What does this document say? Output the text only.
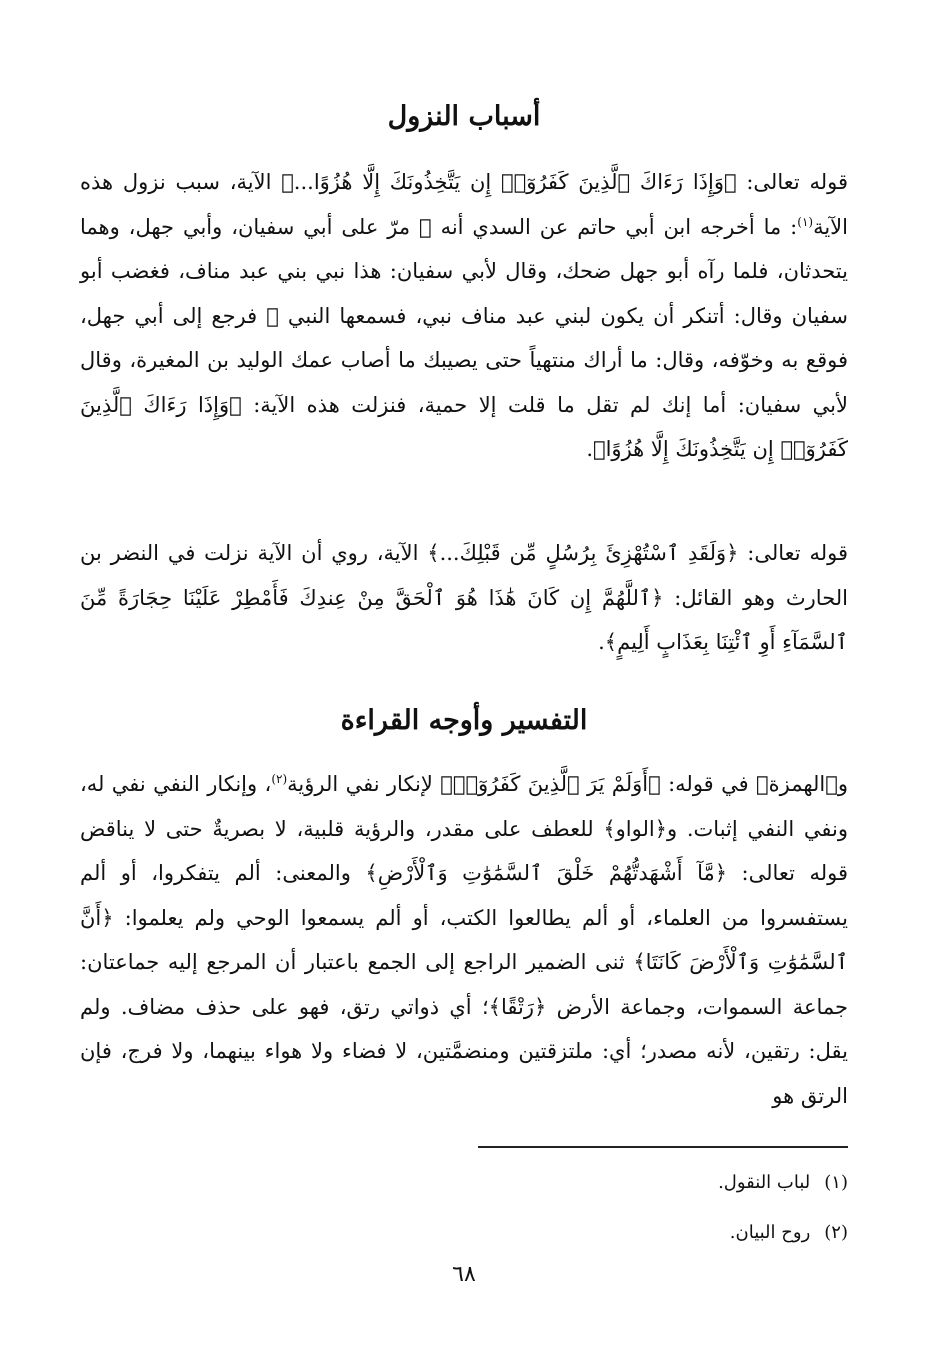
أسباب النزول

قوله تعالى: ﴿وَإِذَا رَءَاكَ ٱلَّذِينَ كَفَرُوٓا۟ إِن يَتَّخِذُونَكَ إِلَّا هُزُوًا...﴾ الآية، سبب نزول هذه الآية$^{(١)}$: ما أخرجه ابن أبي حاتم عن السدي أنه ﷺ مرّ على أبي سفيان، وأبي جهل، وهما يتحدثان، فلما رآه أبو جهل ضحك، وقال لأبي سفيان: هذا نبي بني عبد مناف، فغضب أبو سفيان وقال: أتنكر أن يكون لبني عبد مناف نبي، فسمعها النبي ﷺ فرجع إلى أبي جهل، فوقع به وخوّفه، وقال: ما أراك منتهياً حتى يصيبك ما أصاب عمك الوليد بن المغيرة، وقال لأبي سفيان: أما إنك لم تقل ما قلت إلا حمية، فنزلت هذه الآية: ﴿وَإِذَا رَءَاكَ ٱلَّذِينَ كَفَرُوٓا۟ إِن يَتَّخِذُونَكَ إِلَّا هُزُوًا﴾.

قوله تعالى: ﴿وَلَقَدِ ٱسْتُهْزِئَ بِرُسُلٍ مِّن قَبْلِكَ...﴾ الآية، روي أن الآية نزلت في النضر بن الحارث وهو القائل: ﴿ٱللَّهُمَّ إِن كَانَ هَٰذَا هُوَ ٱلْحَقَّ مِنْ عِندِكَ فَأَمْطِرْ عَلَيْنَا حِجَارَةً مِّنَ ٱلسَّمَآءِ أَوِ ٱئْتِنَا بِعَذَابٍ أَلِيمٍ﴾.

التفسير وأوجه القراءة

و﴿الهمزة﴾ في قوله: ﴿أَوَلَمْ يَرَ ٱلَّذِينَ كَفَرُوٓا۟﴾ لإنكار نفي الرؤية$^{(٢)}$، وإنكار النفي نفي له، ونفي النفي إثبات. و﴿الواو﴾ للعطف على مقدر، والرؤية قلبية، لا بصريةٌ حتى لا يناقض قوله تعالى: ﴿مَّآ أَشْهَدتُّهُمْ خَلْقَ ٱلسَّمَٰوَٰتِ وَٱلْأَرْضِ﴾ والمعنى: ألم يتفكروا، أو ألم يستفسروا من العلماء، أو ألم يطالعوا الكتب، أو ألم يسمعوا الوحي ولم يعلموا: ﴿أَنَّ ٱلسَّمَٰوَٰتِ وَٱلْأَرْضَ كَانَتَا﴾ ثنى الضمير الراجع إلى الجمع باعتبار أن المرجع إليه جماعتان: جماعة السموات، وجماعة الأرض ﴿رَتْقًا﴾؛ أي ذواتي رتق، فهو على حذف مضاف. ولم يقل: رتقين، لأنه مصدر؛ أي: ملتزقتين ومنضمَّتين، لا فضاء ولا هواء بينهما، ولا فرج، فإن الرتق هو

(١)لباب النقول.
(٢)روح البيان.
٦٨
